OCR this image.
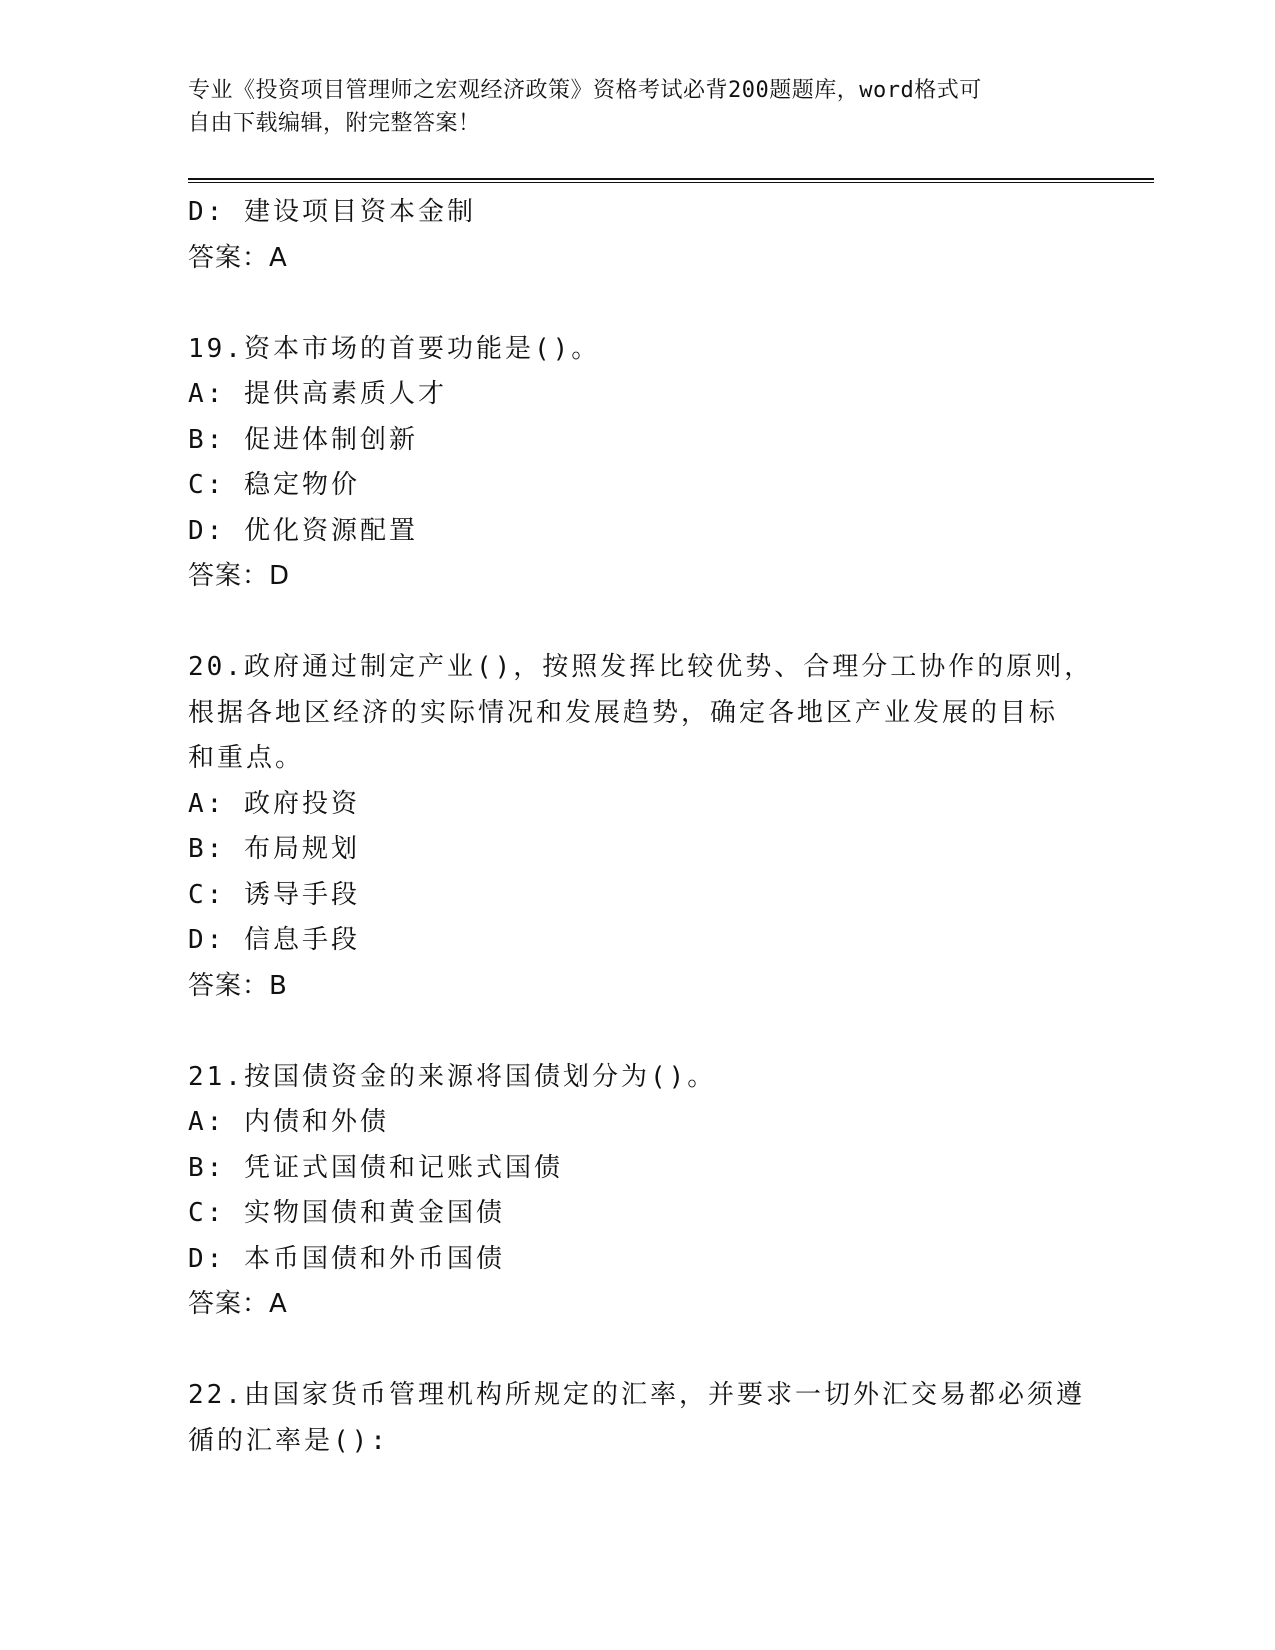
专业《投资项目管理师之宏观经济政策》资格考试必背200题题库，word格式可
自由下载编辑，附完整答案！
D: 建设项目资本金制
答案：A
19.资本市场的首要功能是()。
A: 提供高素质人才
B: 促进体制创新
C: 稳定物价
D: 优化资源配置
答案：D
20.政府通过制定产业()，按照发挥比较优势、合理分工协作的原则，
根据各地区经济的实际情况和发展趋势，确定各地区产业发展的目标
和重点。
A: 政府投资
B: 布局规划
C: 诱导手段
D: 信息手段
答案：B
21.按国债资金的来源将国债划分为()。
A: 内债和外债
B: 凭证式国债和记账式国债
C: 实物国债和黄金国债
D: 本币国债和外币国债
答案：A
22.由国家货币管理机构所规定的汇率，并要求一切外汇交易都必须遵
循的汇率是():
